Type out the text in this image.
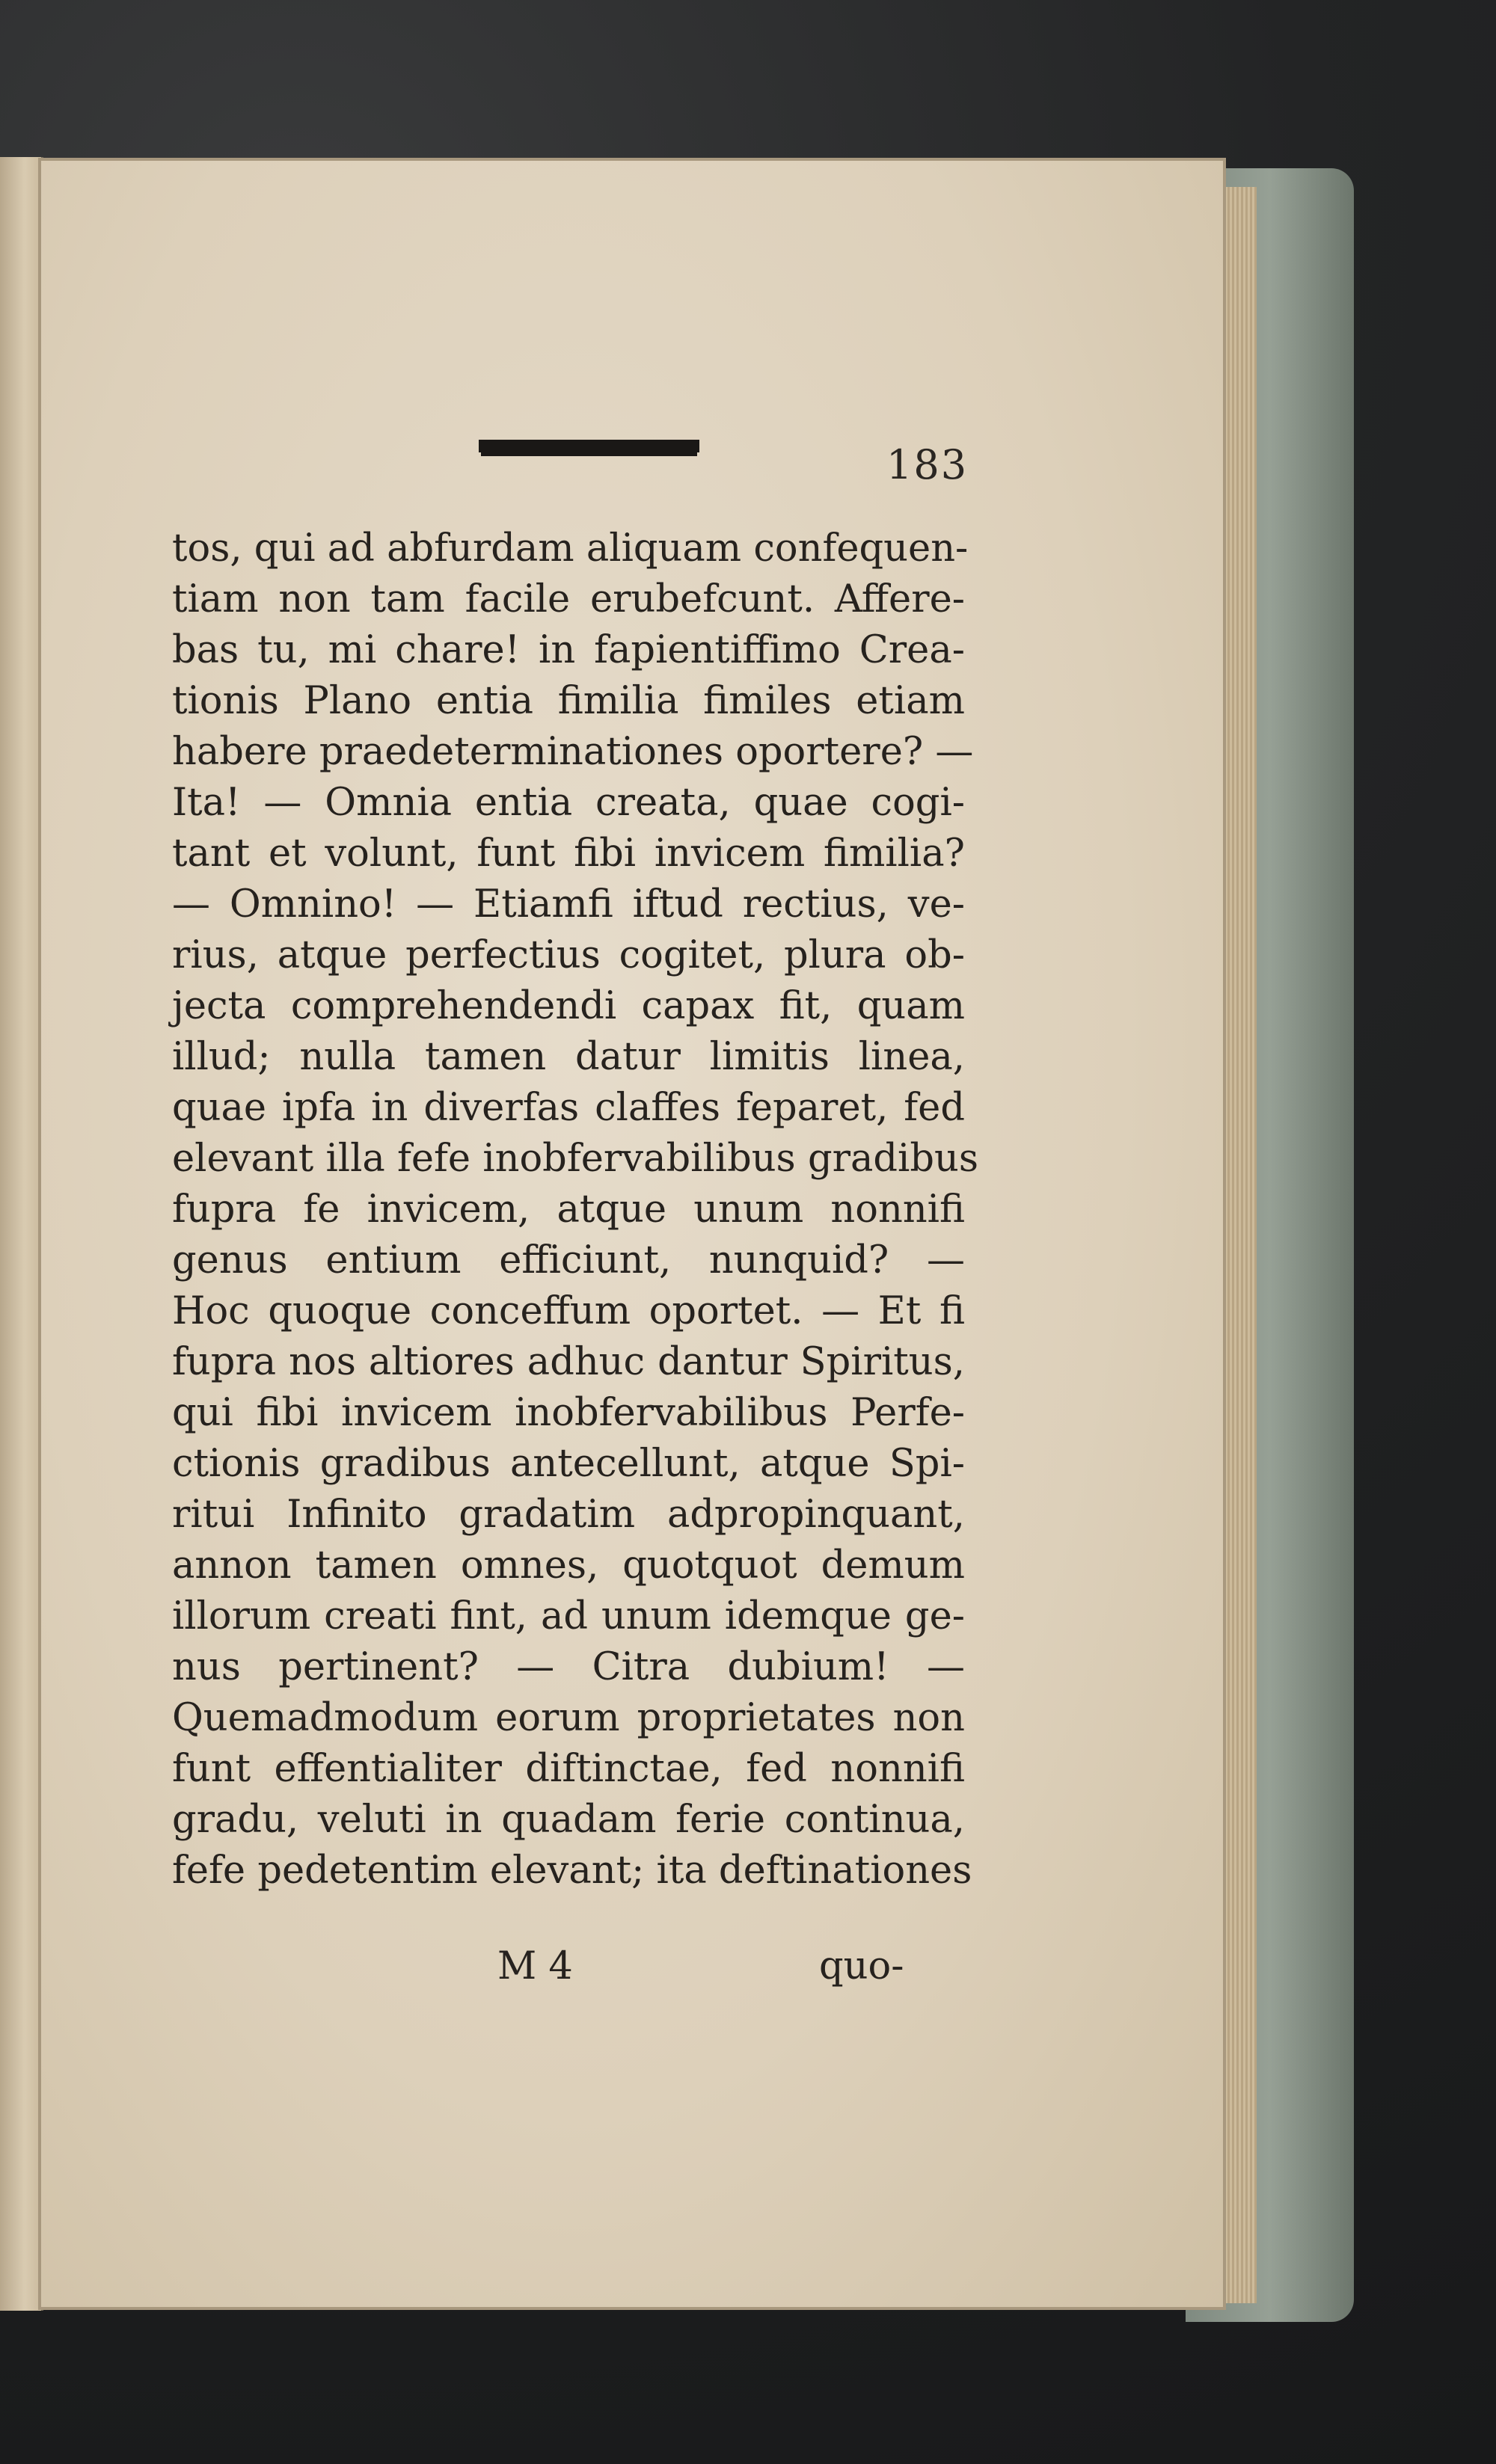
183
tos, qui ad abfurdam aliquam confequen-
tiam non tam facile erubefcunt. Affere-
bas tu, mi chare! in fapientiffimo Crea-
tionis Plano entia fimilia fimiles etiam
habere praedeterminationes oportere? —
Ita! — Omnia entia creata, quae cogi-
tant et volunt, funt fibi invicem fimilia?
— Omnino! — Etiamfi iftud rectius, ve-
rius, atque perfectius cogitet, plura ob-
jecta comprehendendi capax fit, quam
illud; nulla tamen datur limitis linea,
quae ipfa in diverfas claffes feparet, fed
elevant illa fefe inobfervabilibus gradibus
fupra fe invicem, atque unum nonnifi
genus entium efficiunt, nunquid? —
Hoc quoque conceffum oportet. — Et fi
fupra nos altiores adhuc dantur Spiritus,
qui fibi invicem inobfervabilibus Perfe-
ctionis gradibus antecellunt, atque Spi-
ritui Infinito gradatim adpropinquant,
annon tamen omnes, quotquot demum
illorum creati fint, ad unum idemque ge-
nus pertinent? — Citra dubium! —
Quemadmodum eorum proprietates non
funt effentialiter diftinctae, fed nonnifi
gradu, veluti in quadam ferie continua,
fefe pedetentim elevant; ita deftinationes
M 4	quo-
